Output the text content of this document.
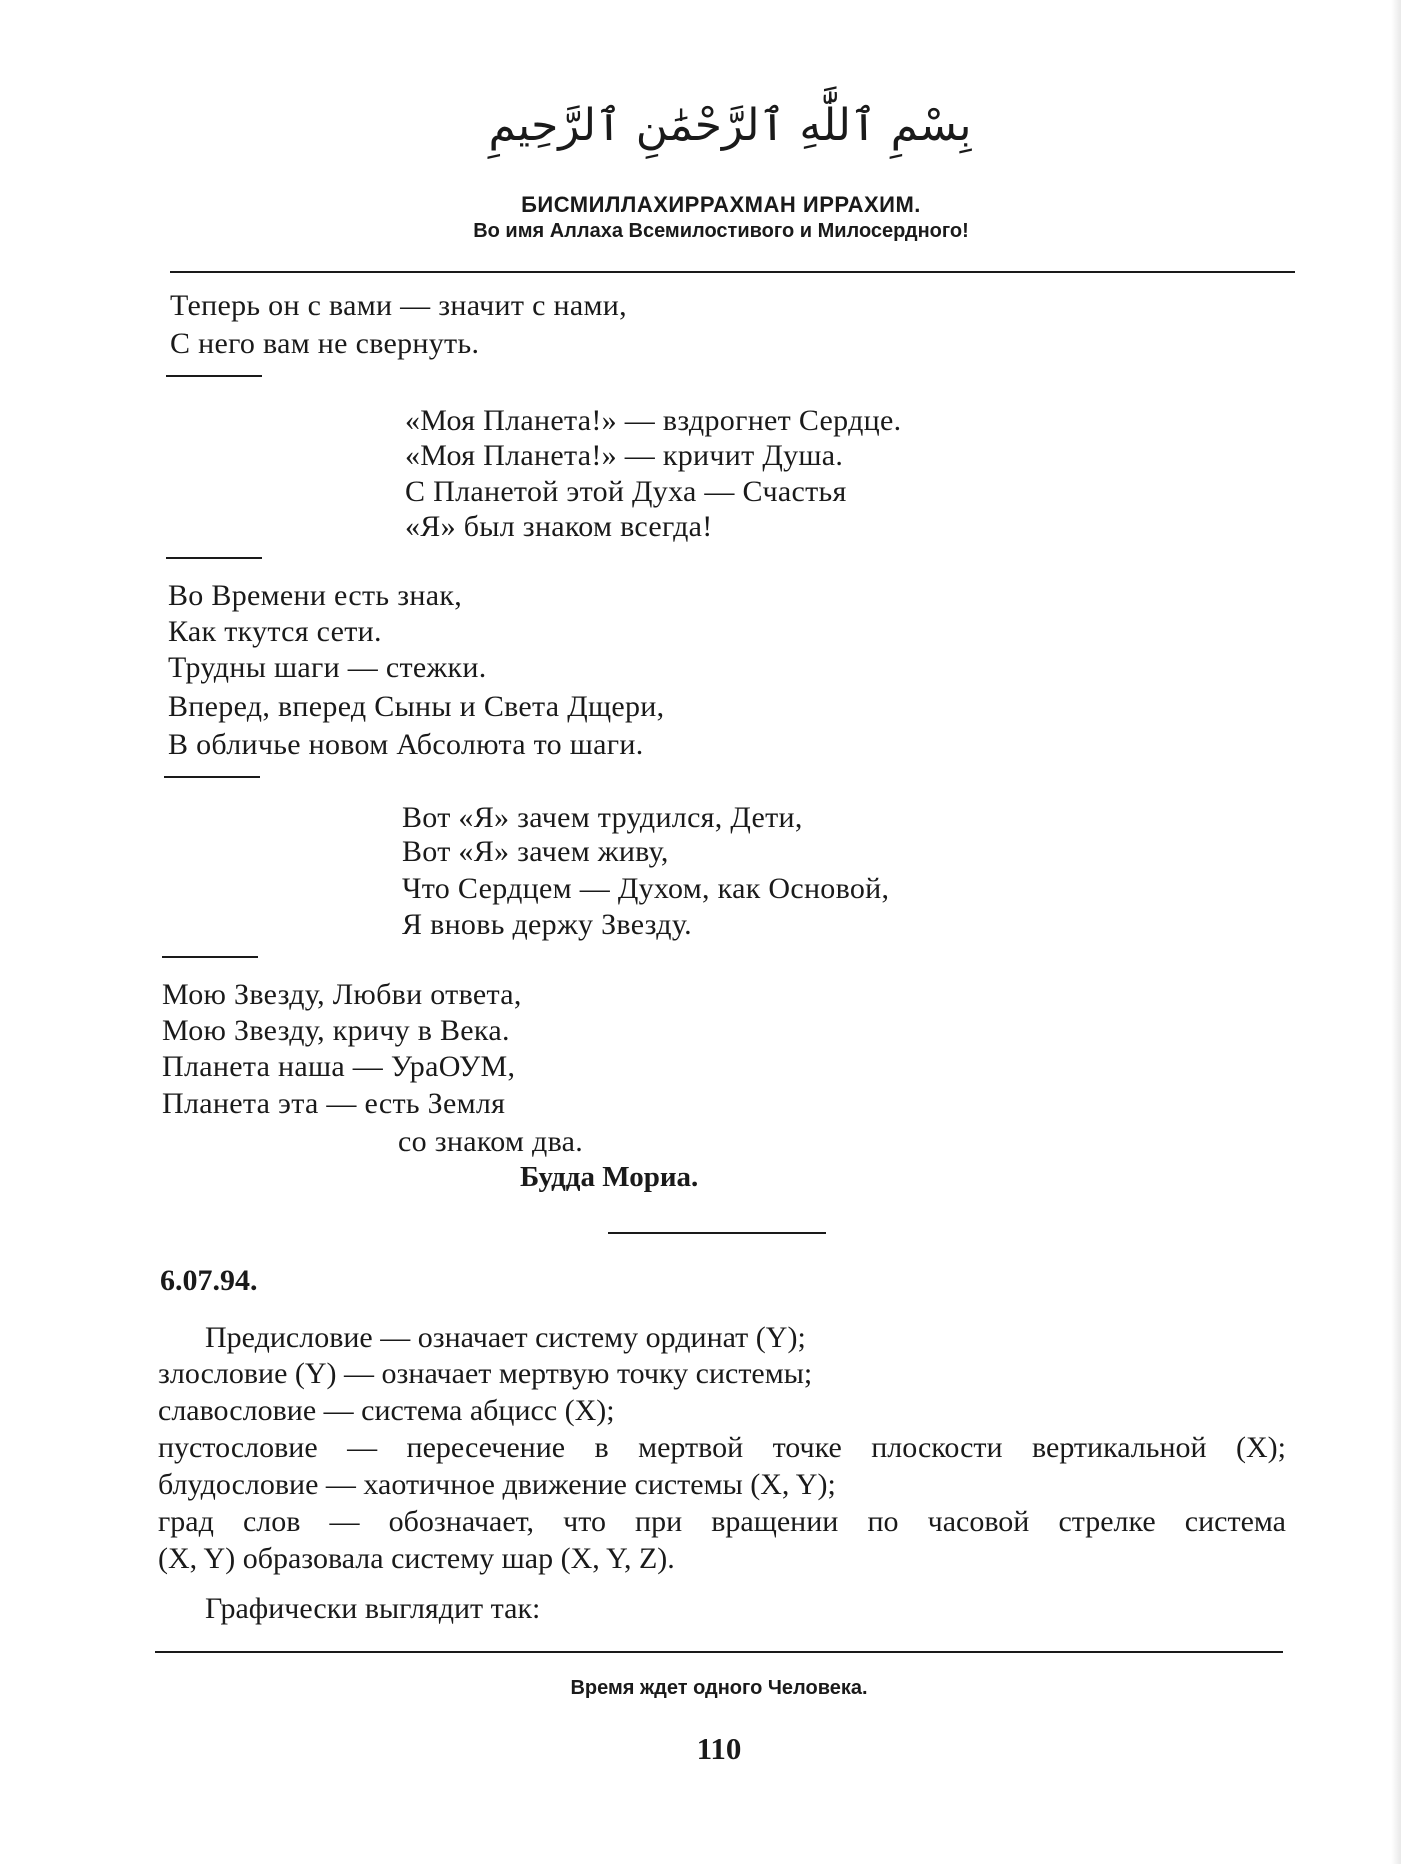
بِسْمِ ٱللَّٰهِ ٱلرَّحْمَٰنِ ٱلرَّحِيمِ
БИСМИЛЛАХИРРАХМАН ИРРАХИМ.
Во имя Аллаха Всемилостивого и Милосердного!
Теперь он с вами — значит с нами,
С него вам не свернуть.
«Моя Планета!» — вздрогнет Сердце.
«Моя Планета!» — кричит Душа.
С Планетой этой Духа — Счастья
«Я» был знаком всегда!
Во Времени есть знак,
Как ткутся сети.
Трудны шаги — стежки.
Вперед, вперед Сыны и Света Дщери,
В обличье новом Абсолюта то шаги.
Вот «Я» зачем трудился, Дети,
Вот «Я» зачем живу,
Что Сердцем — Духом, как Основой,
Я вновь держу Звезду.
Мою Звезду, Любви ответа,
Мою Звезду, кричу в Века.
Планета наша — УраОУМ,
Планета эта — есть Земля
со знаком два.
Будда Мориа.
6.07.94.
Предисловие — означает систему ординат (Y);
злословие (Y) — означает мертвую точку системы;
славословие — система абцисс (X);
пустословие — пересечение в мертвой точке плоскости вертикальной (X);
блудословие — хаотичное движение системы (X, Y);
град слов — обозначает, что при вращении по часовой стрелке система
(X, Y) образовала систему шар (X, Y, Z).
Графически выглядит так:
Время ждет одного Человека.
110
